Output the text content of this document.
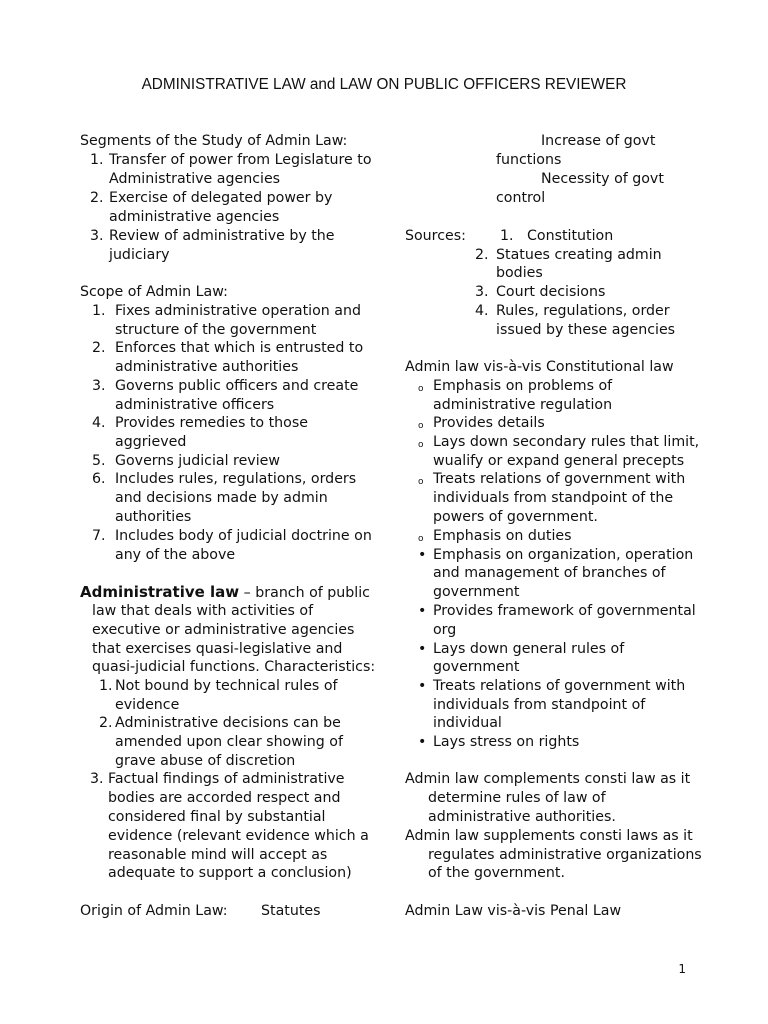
ADMINISTRATIVE LAW and LAW ON PUBLIC OFFICERS REVIEWER
Segments of the Study of Admin Law:
1. Transfer of power from Legislature to
Administrative agencies
2. Exercise of delegated power by
administrative agencies
3. Review of administrative by the
judiciary
Scope of Admin Law:
1. Fixes administrative operation and
structure of the government
2. Enforces that which is entrusted to
administrative authorities
3. Governs public officers and create
administrative officers
4. Provides remedies to those
aggrieved
5. Governs judicial review
6. Includes rules, regulations, orders
and decisions made by admin
authorities
7. Includes body of judicial doctrine on
any of the above
Administrative law – branch of public
law that deals with activities of
executive or administrative agencies
that exercises quasi-legislative and
quasi-judicial functions. Characteristics:
1. Not bound by technical rules of
evidence
2. Administrative decisions can be
amended upon clear showing of
grave abuse of discretion
3. Factual findings of administrative
bodies are accorded respect and
considered final by substantial
evidence (relevant evidence which a
reasonable mind will accept as
adequate to support a conclusion)
Origin of Admin Law: Statutes
Increase of govt
functions
Necessity of govt
control
Sources: 1. Constitution
2. Statues creating admin
bodies
3. Court decisions
4. Rules, regulations, order
issued by these agencies
Admin law vis-à-vis Constitutional law
o Emphasis on problems of
administrative regulation
o Provides details
o Lays down secondary rules that limit,
wualify or expand general precepts
o Treats relations of government with
individuals from standpoint of the
powers of government.
o Emphasis on duties
• Emphasis on organization, operation
and management of branches of
government
• Provides framework of governmental
org
• Lays down general rules of
government
• Treats relations of government with
individuals from standpoint of
individual
• Lays stress on rights
Admin law complements consti law as it
determine rules of law of
administrative authorities.
Admin law supplements consti laws as it
regulates administrative organizations
of the government.
Admin Law vis-à-vis Penal Law
1
